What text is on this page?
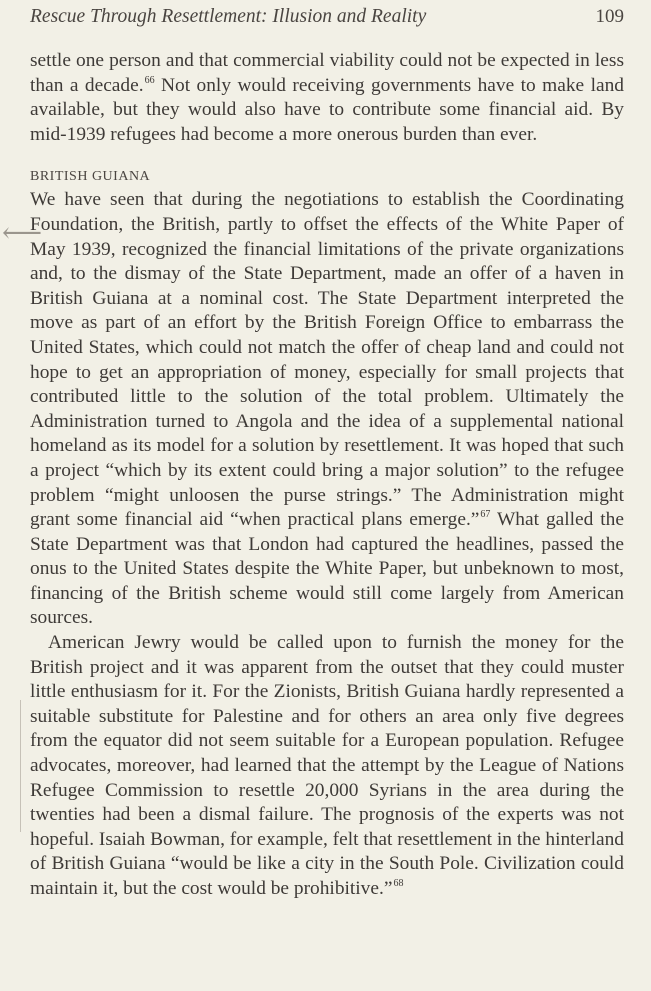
Rescue Through Resettlement: Illusion and Reality	109

settle one person and that commercial viability could not be expected in less than a decade.$^{66}$ Not only would receiving governments have to make land available, but they would also have to contribute some financial aid. By mid-1939 refugees had become a more onerous burden than ever.

BRITISH GUIANA

We have seen that during the negotiations to establish the Coordinating Foundation, the British, partly to offset the effects of the White Paper of May 1939, recognized the financial limitations of the private organizations and, to the dismay of the State Department, made an offer of a haven in British Guiana at a nominal cost. The State Department interpreted the move as part of an effort by the British Foreign Office to embarrass the United States, which could not match the offer of cheap land and could not hope to get an appropriation of money, especially for small projects that contributed little to the solution of the total problem. Ultimately the Administration turned to Angola and the idea of a supplemental national homeland as its model for a solution by resettlement. It was hoped that such a project “which by its extent could bring a major solution” to the refugee problem “might unloosen the purse strings.” The Administration might grant some financial aid “when practical plans emerge.”$^{67}$ What galled the State Department was that London had captured the headlines, passed the onus to the United States despite the White Paper, but unbeknown to most, financing of the British scheme would still come largely from American sources.

American Jewry would be called upon to furnish the money for the British project and it was apparent from the outset that they could muster little enthusiasm for it. For the Zionists, British Guiana hardly represented a suitable substitute for Palestine and for others an area only five degrees from the equator did not seem suitable for a European population. Refugee advocates, moreover, had learned that the attempt by the League of Nations Refugee Commission to resettle 20,000 Syrians in the area during the twenties had been a dismal failure. The prognosis of the experts was not hopeful. Isaiah Bowman, for example, felt that resettlement in the hinterland of British Guiana “would be like a city in the South Pole. Civilization could maintain it, but the cost would be prohibitive.”$^{68}$

⟵
